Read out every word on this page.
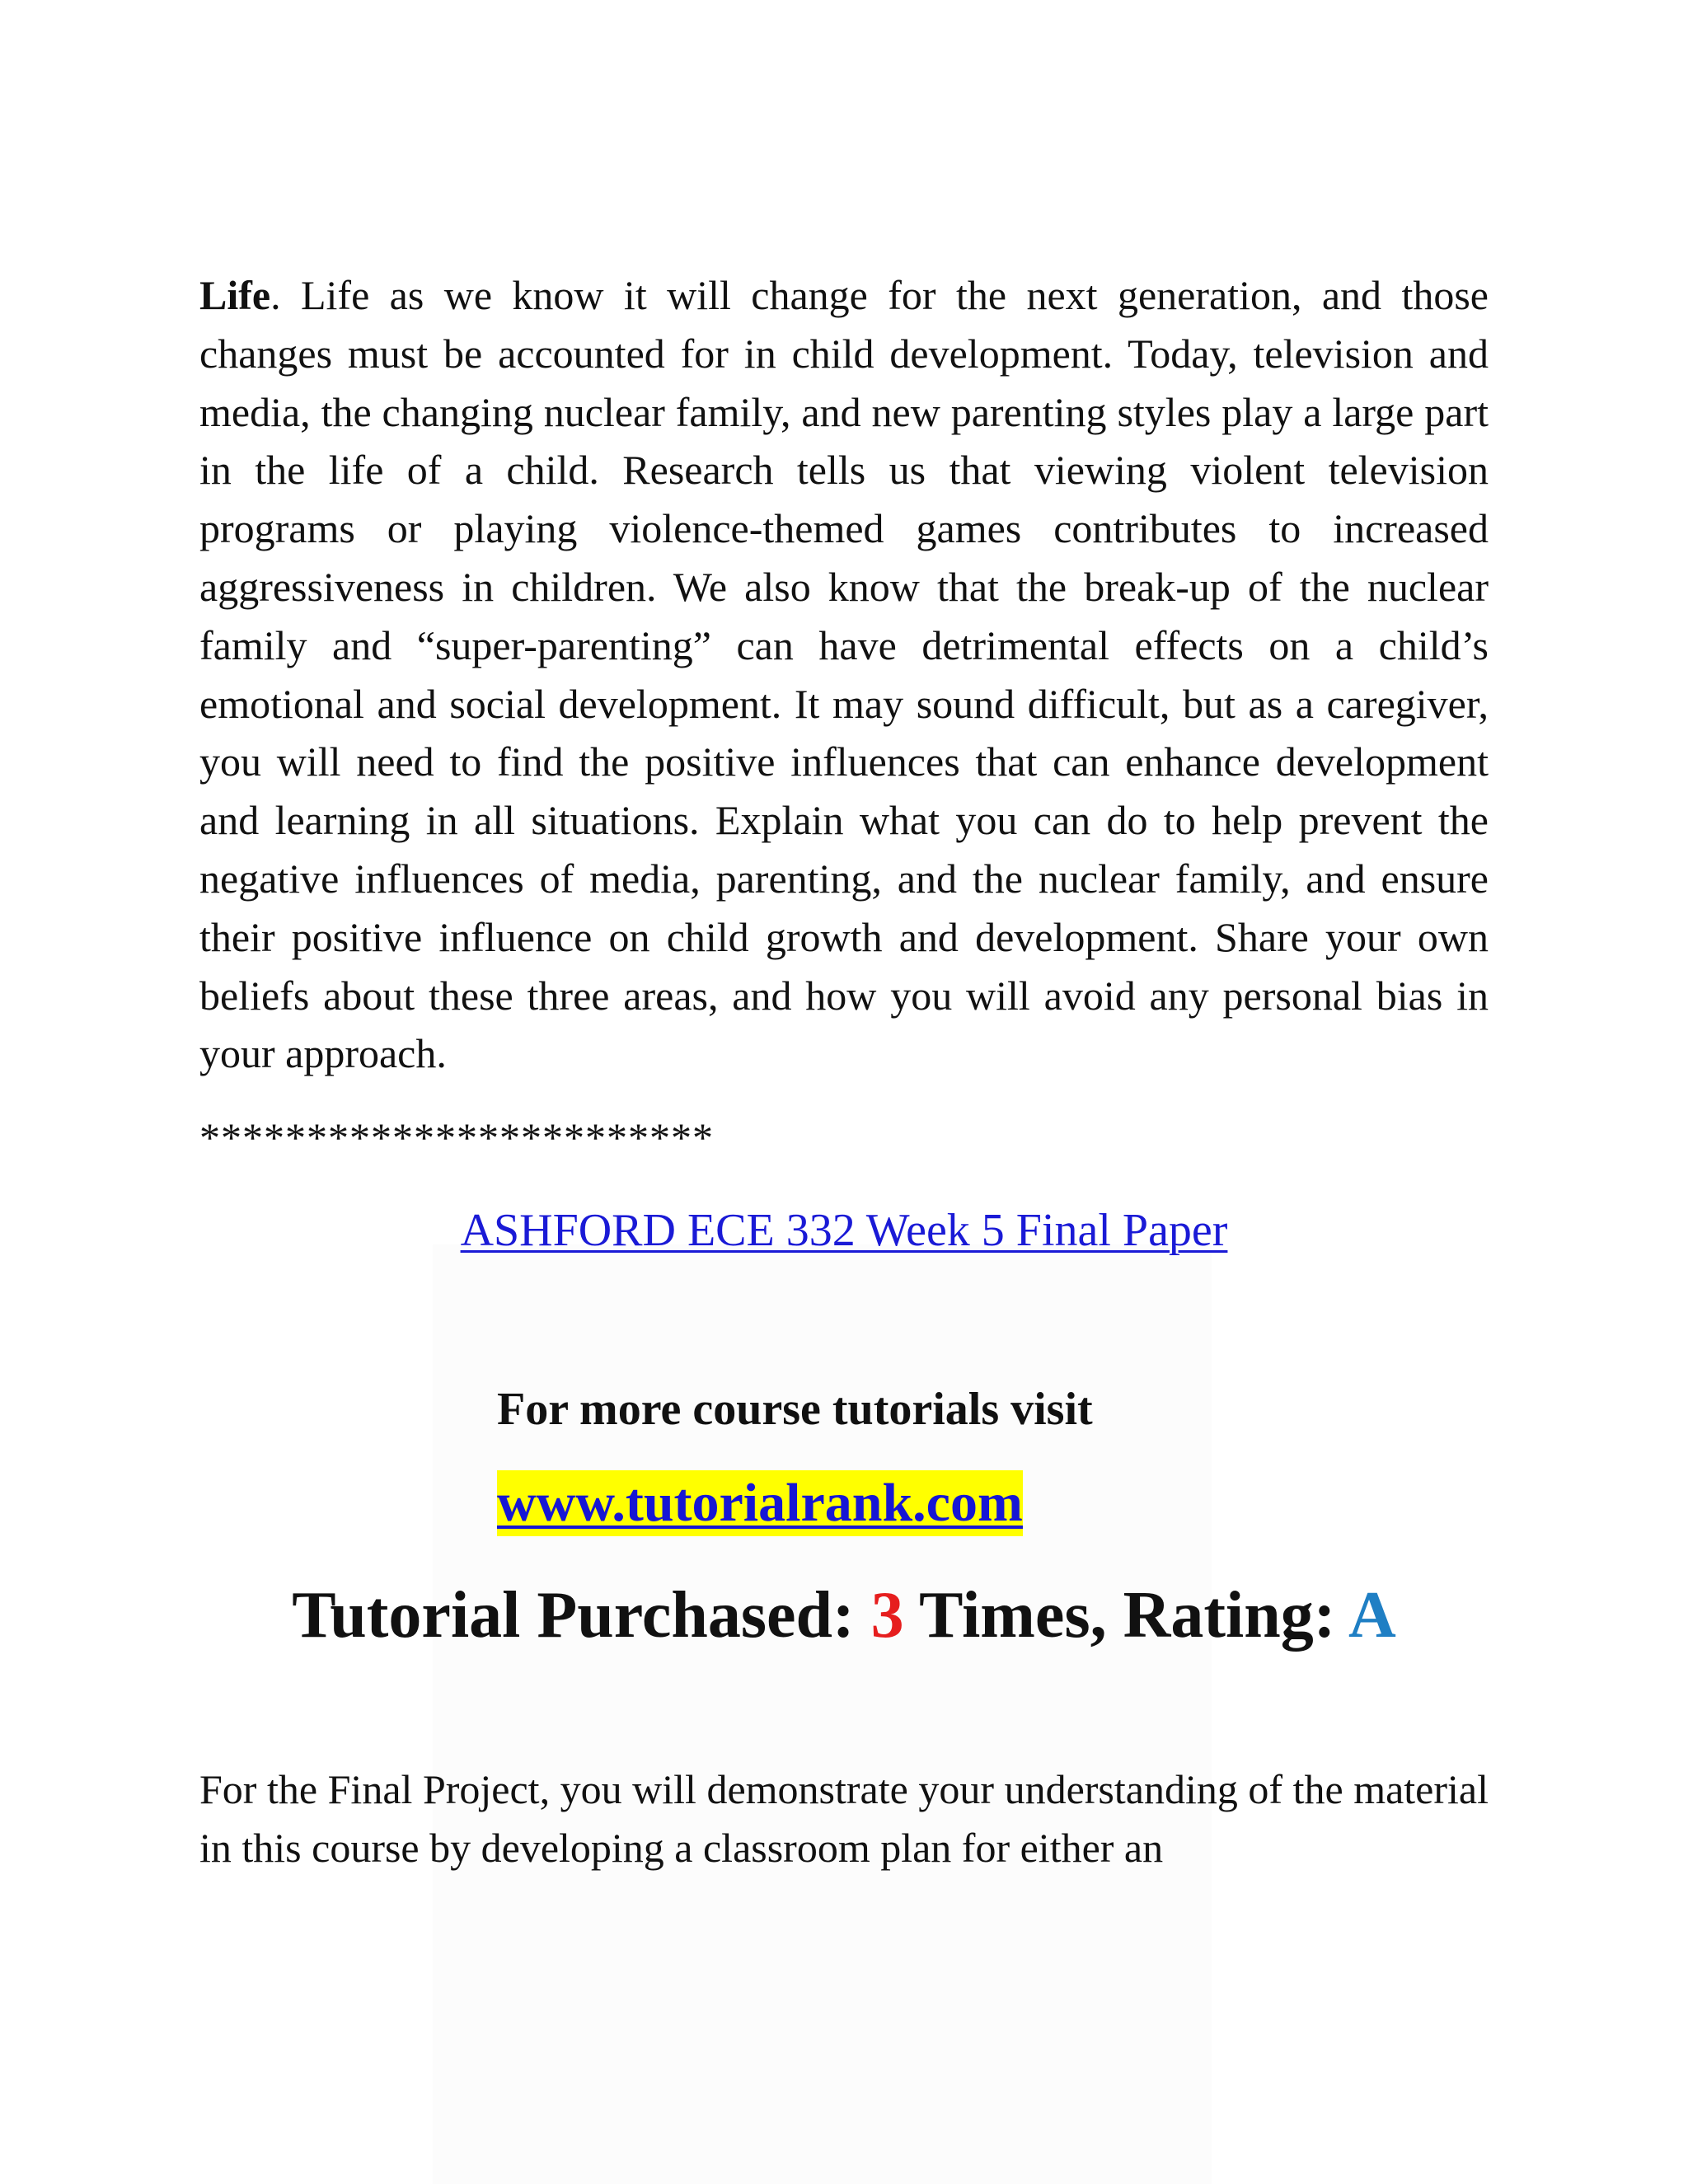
Life. Life as we know it will change for the next generation, and those changes must be accounted for in child development. Today, television and media, the changing nuclear family, and new parenting styles play a large part in the life of a child. Research tells us that viewing violent television programs or playing violence-themed games contributes to increased aggressiveness in children. We also know that the break-up of the nuclear family and “super-parenting” can have detrimental effects on a child’s emotional and social development. It may sound difficult, but as a caregiver, you will need to find the positive influences that can enhance development and learning in all situations. Explain what you can do to help prevent the negative influences of media, parenting, and the nuclear family, and ensure their positive influence on child growth and development. Share your own beliefs about these three areas, and how you will avoid any personal bias in your approach.

************************
ASHFORD ECE 332 Week 5 Final Paper
For more course tutorials visit
www.tutorialrank.com
Tutorial Purchased: 3 Times, Rating: A

For the Final Project, you will demonstrate your understanding of the material in this course by developing a classroom plan for either an
